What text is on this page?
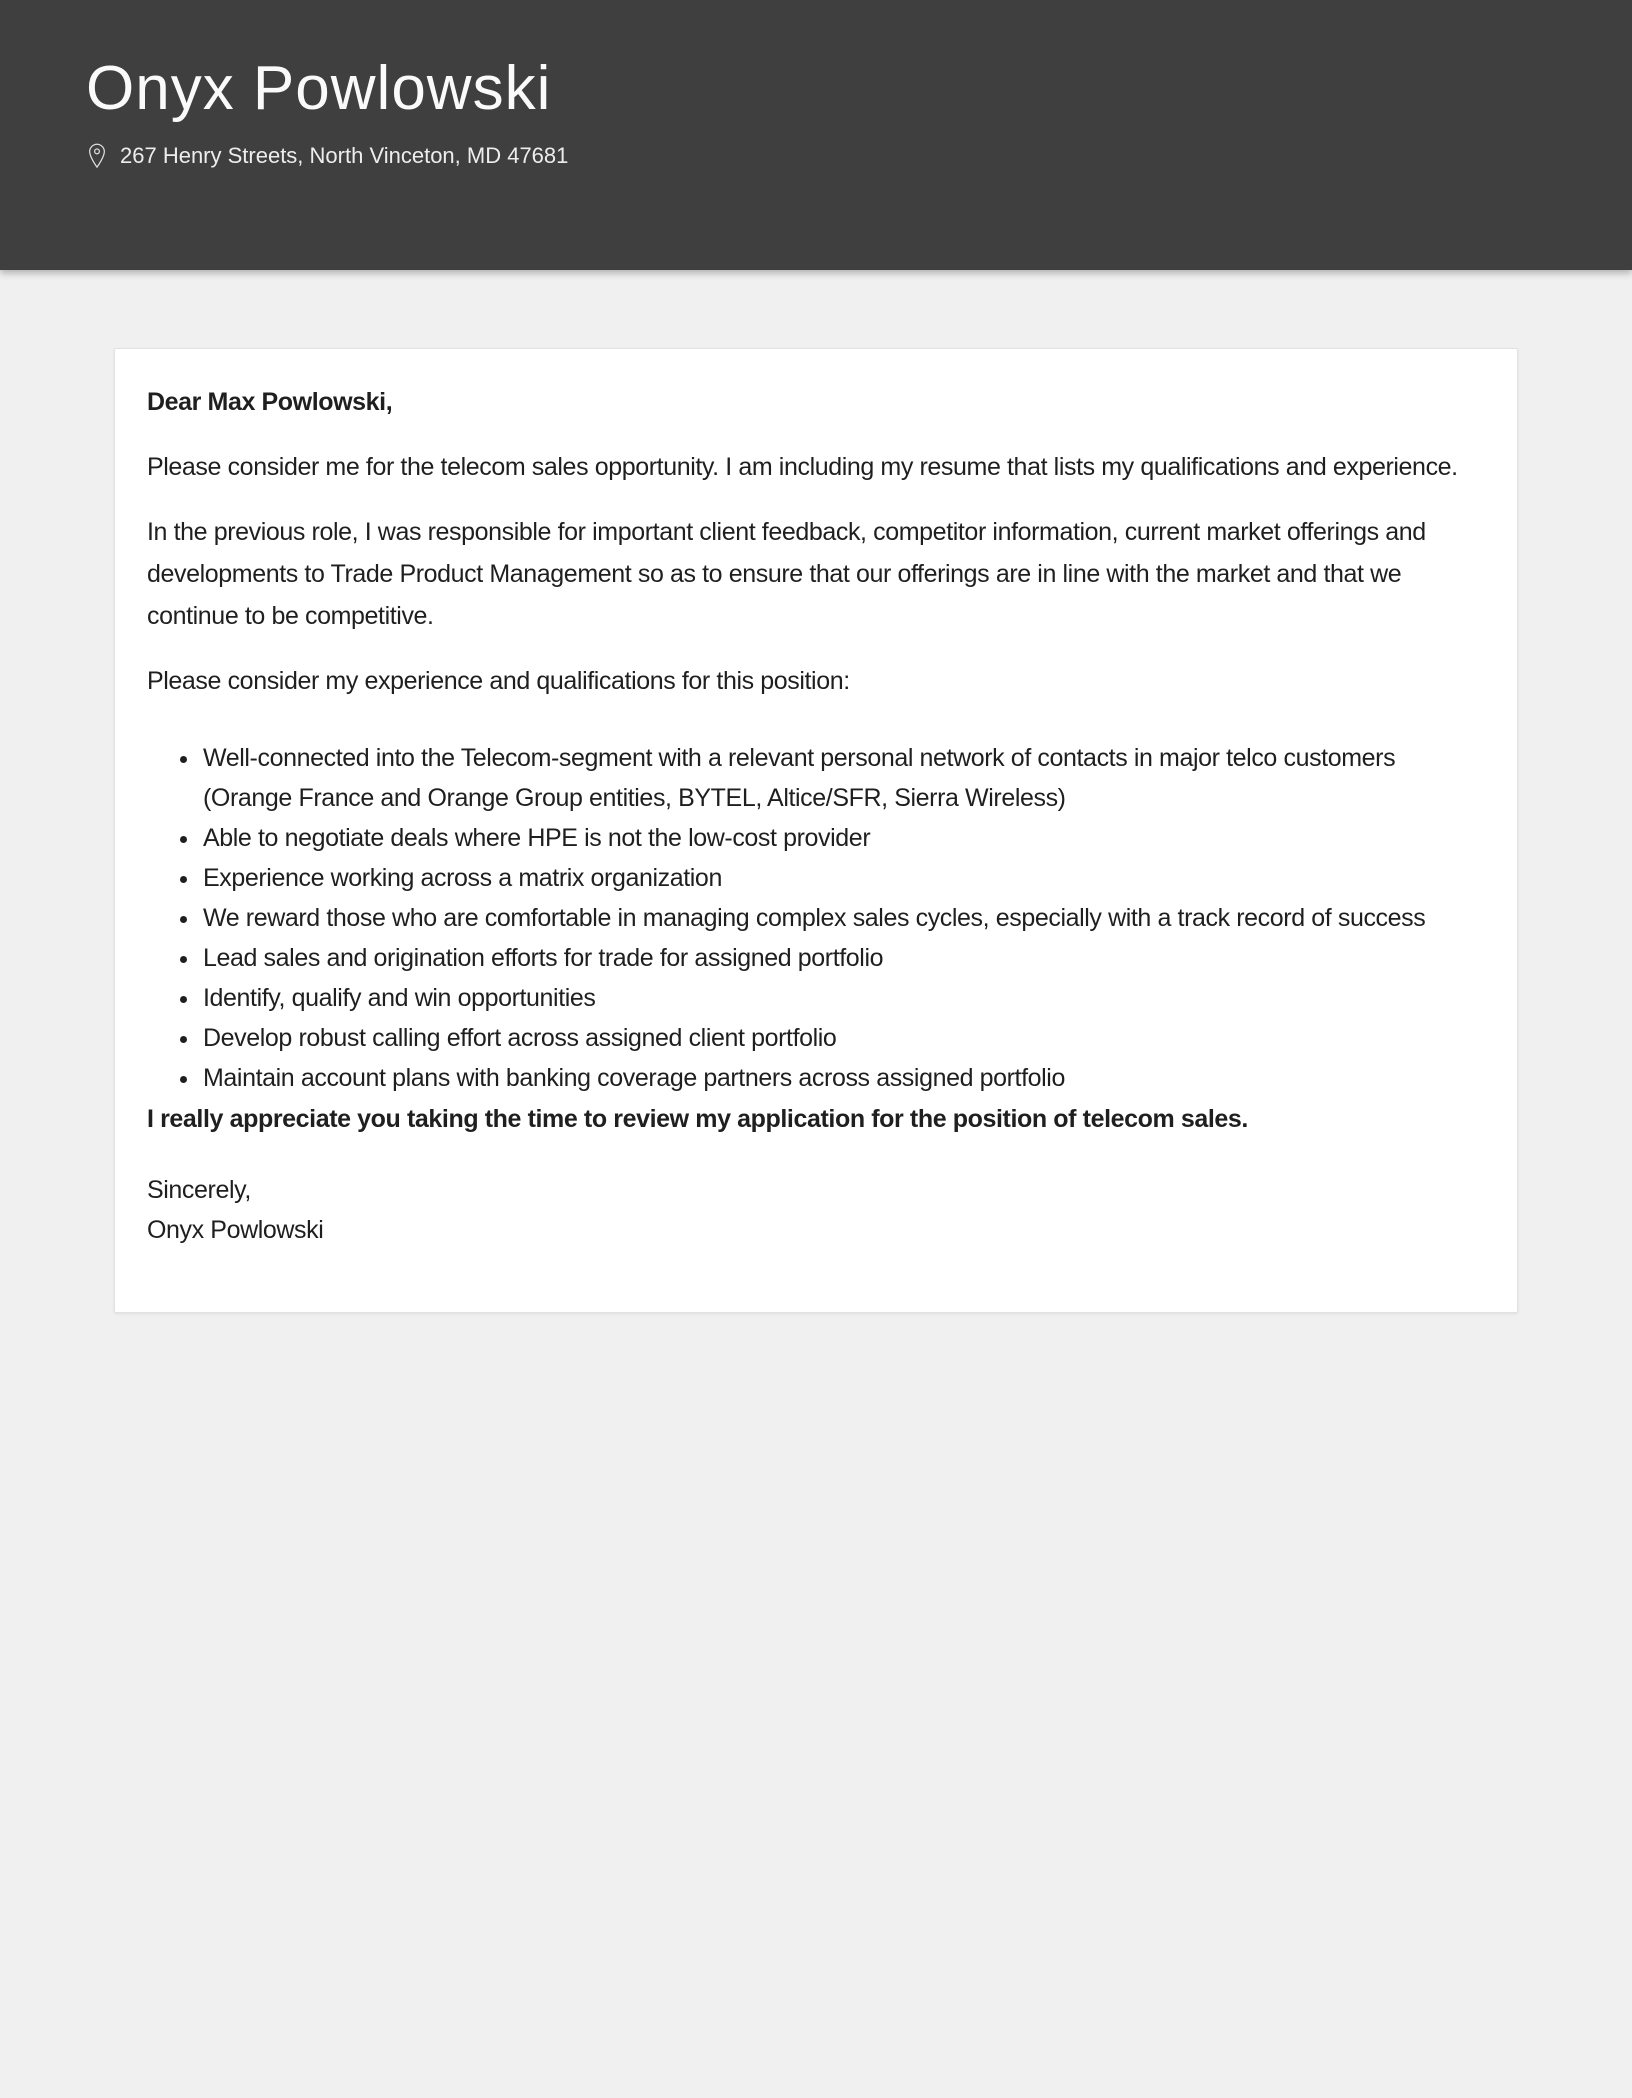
Onyx Powlowski
267 Henry Streets, North Vinceton, MD 47681

Dear Max Powlowski,

Please consider me for the telecom sales opportunity. I am including my resume that lists my qualifications and experience.

In the previous role, I was responsible for important client feedback, competitor information, current market offerings and developments to Trade Product Management so as to ensure that our offerings are in line with the market and that we continue to be competitive.

Please consider my experience and qualifications for this position:

• Well-connected into the Telecom-segment with a relevant personal network of contacts in major telco customers (Orange France and Orange Group entities, BYTEL, Altice/SFR, Sierra Wireless)
• Able to negotiate deals where HPE is not the low-cost provider
• Experience working across a matrix organization
• We reward those who are comfortable in managing complex sales cycles, especially with a track record of success
• Lead sales and origination efforts for trade for assigned portfolio
• Identify, qualify and win opportunities
• Develop robust calling effort across assigned client portfolio
• Maintain account plans with banking coverage partners across assigned portfolio

I really appreciate you taking the time to review my application for the position of telecom sales.

Sincerely,
Onyx Powlowski
